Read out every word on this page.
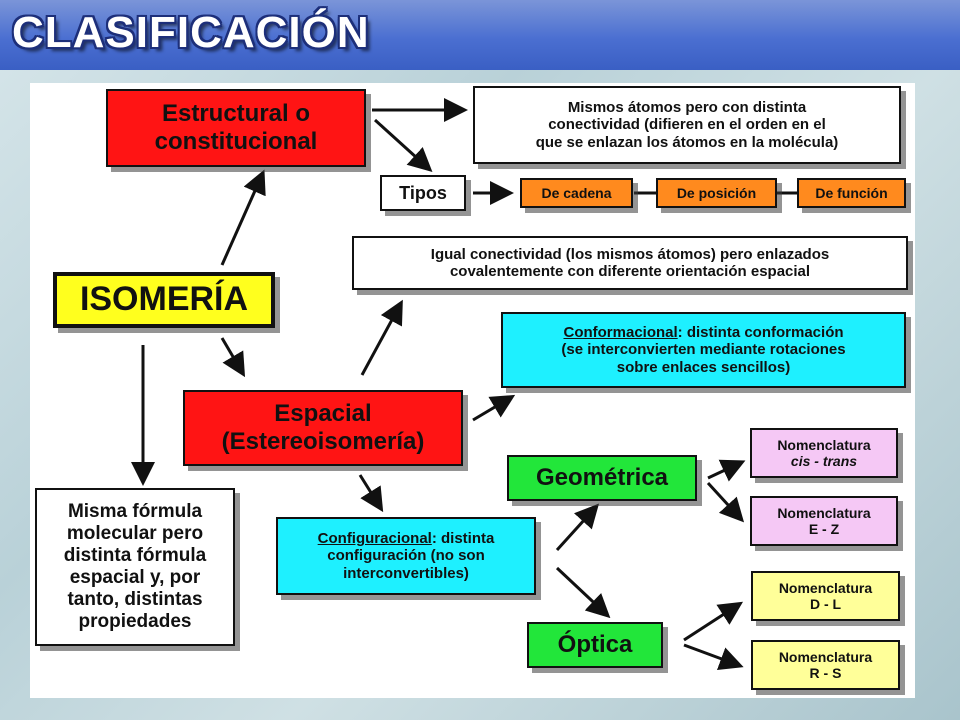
CLASIFICACIÓN
ISOMERÍA
Estructural o
constitucional
Mismos átomos pero con distinta
conectividad (difieren en el orden en el
que se enlazan los átomos en la molécula)
Tipos	De cadena	De posición	De función
Igual conectividad (los mismos átomos) pero enlazados
covalentemente con diferente orientación espacial
Conformacional: distinta conformación
(se interconvierten mediante rotaciones
sobre enlaces sencillos)
Espacial
(Estereoisomería)
Misma fórmula
molecular pero
distinta fórmula
espacial y, por
tanto, distintas
propiedades
Configuracional: distinta
configuración (no son
interconvertibles)
Geométrica
Óptica
Nomenclatura
cis - trans
Nomenclatura
E - Z
Nomenclatura
D - L
Nomenclatura
R - S
